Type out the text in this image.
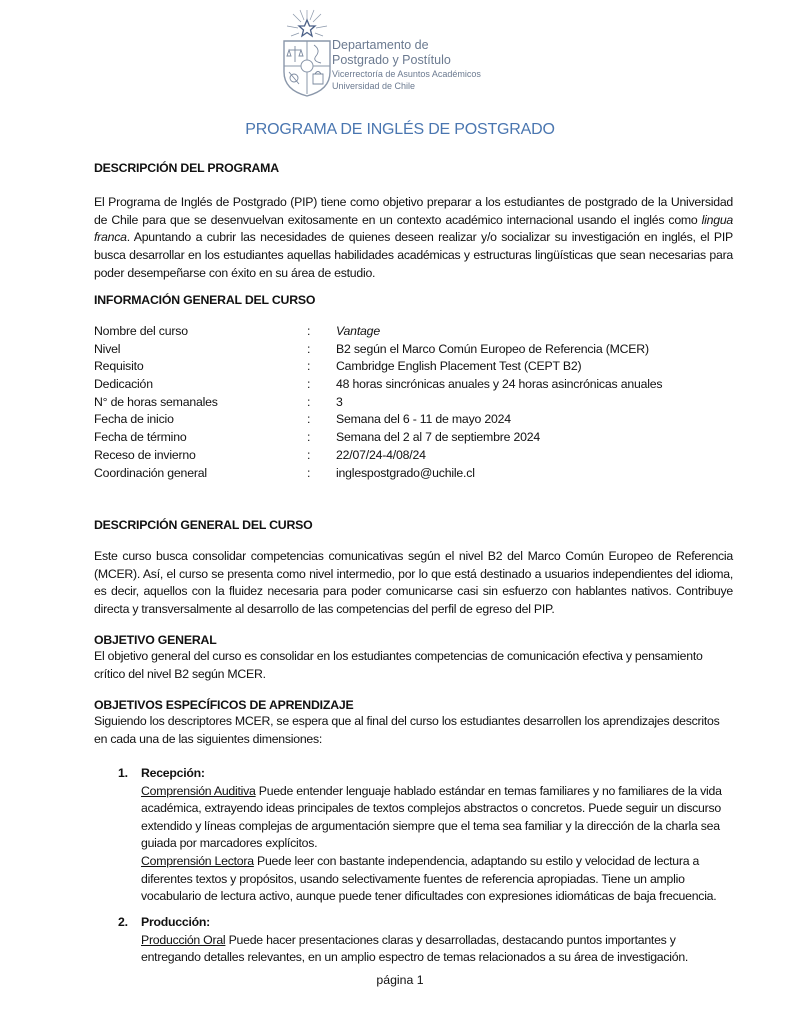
Departamento de
Postgrado y Postítulo
Vicerrectoría de Asuntos Académicos
Universidad de Chile
PROGRAMA DE INGLÉS DE POSTGRADO
DESCRIPCIÓN DEL PROGRAMA
El Programa de Inglés de Postgrado (PIP) tiene como objetivo preparar a los estudiantes de postgrado de la Universidad de Chile para que se desenvuelvan exitosamente en un contexto académico internacional usando el inglés como lingua franca. Apuntando a cubrir las necesidades de quienes deseen realizar y/o socializar su investigación en inglés, el PIP busca desarrollar en los estudiantes aquellas habilidades académicas y estructuras lingüísticas que sean necesarias para poder desempeñarse con éxito en su área de estudio.
INFORMACIÓN GENERAL DEL CURSO
Nombre del curso	: Vantage
Nivel	: B2 según el Marco Común Europeo de Referencia (MCER)
Requisito	: Cambridge English Placement Test (CEPT B2)
Dedicación	: 48 horas sincrónicas anuales y 24 horas asincrónicas anuales
N° de horas semanales	: 3
Fecha de inicio	: Semana del 6 - 11 de mayo 2024
Fecha de término	: Semana del 2 al 7 de septiembre 2024
Receso de invierno	: 22/07/24-4/08/24
Coordinación general	: inglespostgrado@uchile.cl
DESCRIPCIÓN GENERAL DEL CURSO
Este curso busca consolidar competencias comunicativas según el nivel B2 del Marco Común Europeo de Referencia (MCER). Así, el curso se presenta como nivel intermedio, por lo que está destinado a usuarios independientes del idioma, es decir, aquellos con la fluidez necesaria para poder comunicarse casi sin esfuerzo con hablantes nativos. Contribuye directa y transversalmente al desarrollo de las competencias del perfil de egreso del PIP.
OBJETIVO GENERAL
El objetivo general del curso es consolidar en los estudiantes competencias de comunicación efectiva y pensamiento crítico del nivel B2 según MCER.
OBJETIVOS ESPECÍFICOS DE APRENDIZAJE
Siguiendo los descriptores MCER, se espera que al final del curso los estudiantes desarrollen los aprendizajes descritos en cada una de las siguientes dimensiones:
1. Recepción:
Comprensión Auditiva Puede entender lenguaje hablado estándar en temas familiares y no familiares de la vida académica, extrayendo ideas principales de textos complejos abstractos o concretos. Puede seguir un discurso extendido y líneas complejas de argumentación siempre que el tema sea familiar y la dirección de la charla sea guiada por marcadores explícitos.
Comprensión Lectora Puede leer con bastante independencia, adaptando su estilo y velocidad de lectura a diferentes textos y propósitos, usando selectivamente fuentes de referencia apropiadas. Tiene un amplio vocabulario de lectura activo, aunque puede tener dificultades con expresiones idiomáticas de baja frecuencia.
2. Producción:
Producción Oral Puede hacer presentaciones claras y desarrolladas, destacando puntos importantes y entregando detalles relevantes, en un amplio espectro de temas relacionados a su área de investigación.
página 1
